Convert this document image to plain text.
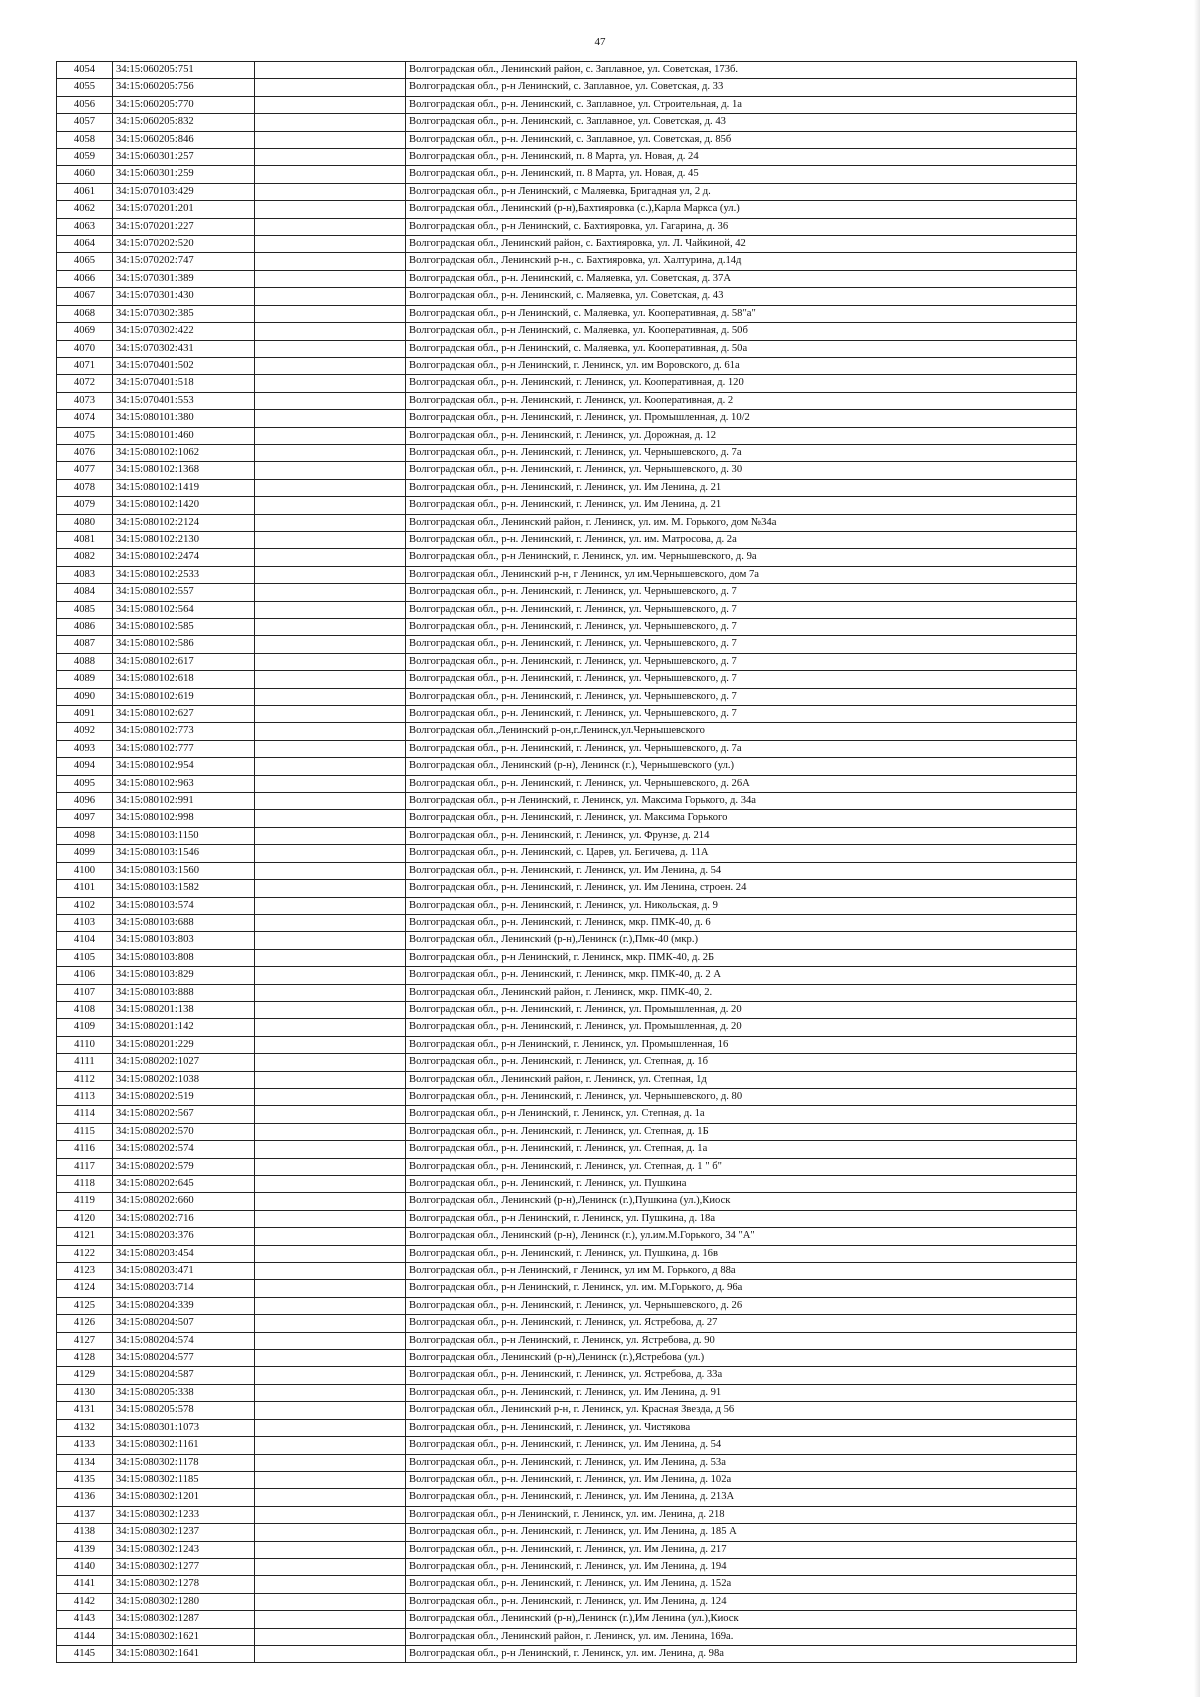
47
4054	34:15:060205:751		Волгоградская обл., Ленинский район, с. Заплавное, ул. Советская, 173б.
4055	34:15:060205:756		Волгоградская обл., р-н Ленинский, с. Заплавное, ул. Советская, д. 33
4056	34:15:060205:770		Волгоградская обл., р-н. Ленинский, с. Заплавное, ул. Строительная, д. 1а
4057	34:15:060205:832		Волгоградская обл., р-н. Ленинский, с. Заплавное, ул. Советская, д. 43
4058	34:15:060205:846		Волгоградская обл., р-н. Ленинский, с. Заплавное, ул. Советская, д. 85б
4059	34:15:060301:257		Волгоградская обл., р-н. Ленинский, п. 8 Марта, ул. Новая, д. 24
4060	34:15:060301:259		Волгоградская обл., р-н. Ленинский, п. 8 Марта, ул. Новая, д. 45
4061	34:15:070103:429		Волгоградская обл., р-н Ленинский, с Маляевка, Бригадная ул, 2 д.
4062	34:15:070201:201		Волгоградская обл., Ленинский (р-н),Бахтияровка (с.),Карла Маркса (ул.)
4063	34:15:070201:227		Волгоградская обл., р-н Ленинский, с. Бахтияровка, ул. Гагарина, д. 36
4064	34:15:070202:520		Волгоградская обл., Ленинский район, с. Бахтияровка, ул. Л. Чайкиной, 42
4065	34:15:070202:747		Волгоградская обл., Ленинский р-н., с. Бахтияровка, ул. Халтурина, д.14д
4066	34:15:070301:389		Волгоградская обл., р-н. Ленинский, с. Маляевка, ул. Советская, д. 37А
4067	34:15:070301:430		Волгоградская обл., р-н. Ленинский, с. Маляевка, ул. Советская, д. 43
4068	34:15:070302:385		Волгоградская обл., р-н Ленинский, с. Маляевка, ул. Кооперативная, д. 58"а"
4069	34:15:070302:422		Волгоградская обл., р-н Ленинский, с. Маляевка, ул. Кооперативная, д. 50б
4070	34:15:070302:431		Волгоградская обл., р-н Ленинский, с. Маляевка, ул. Кооперативная, д. 50а
4071	34:15:070401:502		Волгоградская обл., р-н Ленинский, г. Ленинск, ул. им Воровского, д. 61а
4072	34:15:070401:518		Волгоградская обл., р-н. Ленинский, г. Ленинск, ул. Кооперативная, д. 120
4073	34:15:070401:553		Волгоградская обл., р-н. Ленинский, г. Ленинск, ул. Кооперативная, д. 2
4074	34:15:080101:380		Волгоградская обл., р-н. Ленинский, г. Ленинск, ул. Промышленная, д. 10/2
4075	34:15:080101:460		Волгоградская обл., р-н. Ленинский, г. Ленинск, ул. Дорожная, д. 12
4076	34:15:080102:1062		Волгоградская обл., р-н. Ленинский, г. Ленинск, ул. Чернышевского, д. 7а
4077	34:15:080102:1368		Волгоградская обл., р-н. Ленинский, г. Ленинск, ул. Чернышевского, д. 30
4078	34:15:080102:1419		Волгоградская обл., р-н. Ленинский, г. Ленинск, ул. Им Ленина, д. 21
4079	34:15:080102:1420		Волгоградская обл., р-н. Ленинский, г. Ленинск, ул. Им Ленина, д. 21
4080	34:15:080102:2124		Волгоградская обл., Ленинский район, г. Ленинск, ул. им. М. Горького, дом №34а
4081	34:15:080102:2130		Волгоградская обл., р-н. Ленинский, г. Ленинск, ул. им. Матросова, д. 2а
4082	34:15:080102:2474		Волгоградская обл., р-н Ленинский, г. Ленинск, ул. им. Чернышевского, д. 9а
4083	34:15:080102:2533		Волгоградская обл., Ленинский р-н, г Ленинск, ул им.Чернышевского, дом 7а
4084	34:15:080102:557		Волгоградская обл., р-н. Ленинский, г. Ленинск, ул. Чернышевского, д. 7
4085	34:15:080102:564		Волгоградская обл., р-н. Ленинский, г. Ленинск, ул. Чернышевского, д. 7
4086	34:15:080102:585		Волгоградская обл., р-н. Ленинский, г. Ленинск, ул. Чернышевского, д. 7
4087	34:15:080102:586		Волгоградская обл., р-н. Ленинский, г. Ленинск, ул. Чернышевского, д. 7
4088	34:15:080102:617		Волгоградская обл., р-н. Ленинский, г. Ленинск, ул. Чернышевского, д. 7
4089	34:15:080102:618		Волгоградская обл., р-н. Ленинский, г. Ленинск, ул. Чернышевского, д. 7
4090	34:15:080102:619		Волгоградская обл., р-н. Ленинский, г. Ленинск, ул. Чернышевского, д. 7
4091	34:15:080102:627		Волгоградская обл., р-н. Ленинский, г. Ленинск, ул. Чернышевского, д. 7
4092	34:15:080102:773		Волгоградская обл.,Ленинский р-он,г.Ленинск,ул.Чернышевского
4093	34:15:080102:777		Волгоградская обл., р-н. Ленинский, г. Ленинск, ул. Чернышевского, д. 7а
4094	34:15:080102:954		Волгоградская обл., Ленинский (р-н), Ленинск (г.), Чернышевского (ул.)
4095	34:15:080102:963		Волгоградская обл., р-н. Ленинский, г. Ленинск, ул. Чернышевского, д. 26А
4096	34:15:080102:991		Волгоградская обл., р-н Ленинский, г. Ленинск, ул. Максима Горького, д. 34а
4097	34:15:080102:998		Волгоградская обл., р-н. Ленинский, г. Ленинск, ул. Максима Горького
4098	34:15:080103:1150		Волгоградская обл., р-н. Ленинский, г. Ленинск, ул. Фрунзе, д. 214
4099	34:15:080103:1546		Волгоградская обл., р-н. Ленинский, с. Царев, ул. Бегичева, д. 11А
4100	34:15:080103:1560		Волгоградская обл., р-н. Ленинский, г. Ленинск, ул. Им Ленина, д. 54
4101	34:15:080103:1582		Волгоградская обл., р-н. Ленинский, г. Ленинск, ул. Им Ленина, строен. 24
4102	34:15:080103:574		Волгоградская обл., р-н. Ленинский, г. Ленинск, ул. Никольская, д. 9
4103	34:15:080103:688		Волгоградская обл., р-н. Ленинский, г. Ленинск, мкр. ПМК-40, д. 6
4104	34:15:080103:803		Волгоградская обл., Ленинский (р-н),Ленинск (г.),Пмк-40 (мкр.)
4105	34:15:080103:808		Волгоградская обл., р-н Ленинский, г. Ленинск, мкр. ПМК-40, д. 2Б
4106	34:15:080103:829		Волгоградская обл., р-н. Ленинский, г. Ленинск, мкр. ПМК-40, д. 2 А
4107	34:15:080103:888		Волгоградская обл., Ленинский район, г. Ленинск, мкр. ПМК-40, 2.
4108	34:15:080201:138		Волгоградская обл., р-н. Ленинский, г. Ленинск, ул. Промышленная, д. 20
4109	34:15:080201:142		Волгоградская обл., р-н. Ленинский, г. Ленинск, ул. Промышленная, д. 20
4110	34:15:080201:229		Волгоградская обл., р-н Ленинский, г. Ленинск, ул. Промышленная, 16
4111	34:15:080202:1027		Волгоградская обл., р-н. Ленинский, г. Ленинск, ул. Степная, д. 1б
4112	34:15:080202:1038		Волгоградская обл., Ленинский район, г. Ленинск, ул. Степная, 1д
4113	34:15:080202:519		Волгоградская обл., р-н. Ленинский, г. Ленинск, ул. Чернышевского, д. 80
4114	34:15:080202:567		Волгоградская обл., р-н Ленинский, г. Ленинск, ул. Степная, д. 1а
4115	34:15:080202:570		Волгоградская обл., р-н. Ленинский, г. Ленинск, ул. Степная, д. 1Б
4116	34:15:080202:574		Волгоградская обл., р-н. Ленинский, г. Ленинск, ул. Степная, д. 1а
4117	34:15:080202:579		Волгоградская обл., р-н. Ленинский, г. Ленинск, ул. Степная, д. 1 " б"
4118	34:15:080202:645		Волгоградская обл., р-н. Ленинский, г. Ленинск, ул. Пушкина
4119	34:15:080202:660		Волгоградская обл., Ленинский (р-н),Ленинск (г.),Пушкина (ул.),Киоск
4120	34:15:080202:716		Волгоградская обл., р-н Ленинский, г. Ленинск, ул. Пушкина, д. 18а
4121	34:15:080203:376		Волгоградская обл., Ленинский (р-н), Ленинск (г.), ул.им.М.Горького, 34 "А"
4122	34:15:080203:454		Волгоградская обл., р-н. Ленинский, г. Ленинск, ул. Пушкина, д. 16в
4123	34:15:080203:471		Волгоградская обл., р-н Ленинский, г Ленинск, ул им М. Горького, д 88а
4124	34:15:080203:714		Волгоградская обл., р-н Ленинский, г. Ленинск, ул. им. М.Горького, д. 96а
4125	34:15:080204:339		Волгоградская обл., р-н. Ленинский, г. Ленинск, ул. Чернышевского, д. 26
4126	34:15:080204:507		Волгоградская обл., р-н. Ленинский, г. Ленинск, ул. Ястребова, д. 27
4127	34:15:080204:574		Волгоградская обл., р-н Ленинский, г. Ленинск, ул. Ястребова, д. 90
4128	34:15:080204:577		Волгоградская обл., Ленинский (р-н),Ленинск (г.),Ястребова (ул.)
4129	34:15:080204:587		Волгоградская обл., р-н. Ленинский, г. Ленинск, ул. Ястребова, д. 33а
4130	34:15:080205:338		Волгоградская обл., р-н. Ленинский, г. Ленинск, ул. Им Ленина, д. 91
4131	34:15:080205:578		Волгоградская обл., Ленинский р-н, г. Ленинск, ул. Красная Звезда, д 56
4132	34:15:080301:1073		Волгоградская обл., р-н. Ленинский, г. Ленинск, ул. Чистякова
4133	34:15:080302:1161		Волгоградская обл., р-н. Ленинский, г. Ленинск, ул. Им Ленина, д. 54
4134	34:15:080302:1178		Волгоградская обл., р-н. Ленинский, г. Ленинск, ул. Им Ленина, д. 53а
4135	34:15:080302:1185		Волгоградская обл., р-н. Ленинский, г. Ленинск, ул. Им Ленина, д. 102а
4136	34:15:080302:1201		Волгоградская обл., р-н. Ленинский, г. Ленинск, ул. Им Ленина, д. 213А
4137	34:15:080302:1233		Волгоградская обл., р-н Ленинский, г. Ленинск, ул. им. Ленина, д. 218
4138	34:15:080302:1237		Волгоградская обл., р-н. Ленинский, г. Ленинск, ул. Им Ленина, д. 185 А
4139	34:15:080302:1243		Волгоградская обл., р-н. Ленинский, г. Ленинск, ул. Им Ленина, д. 217
4140	34:15:080302:1277		Волгоградская обл., р-н. Ленинский, г. Ленинск, ул. Им Ленина, д. 194
4141	34:15:080302:1278		Волгоградская обл., р-н. Ленинский, г. Ленинск, ул. Им Ленина, д. 152а
4142	34:15:080302:1280		Волгоградская обл., р-н. Ленинский, г. Ленинск, ул. Им Ленина, д. 124
4143	34:15:080302:1287		Волгоградская обл., Ленинский (р-н),Ленинск (г.),Им Ленина (ул.),Киоск
4144	34:15:080302:1621		Волгоградская обл., Ленинский район, г. Ленинск, ул. им. Ленина, 169а.
4145	34:15:080302:1641		Волгоградская обл., р-н Ленинский, г. Ленинск, ул. им. Ленина, д. 98а
